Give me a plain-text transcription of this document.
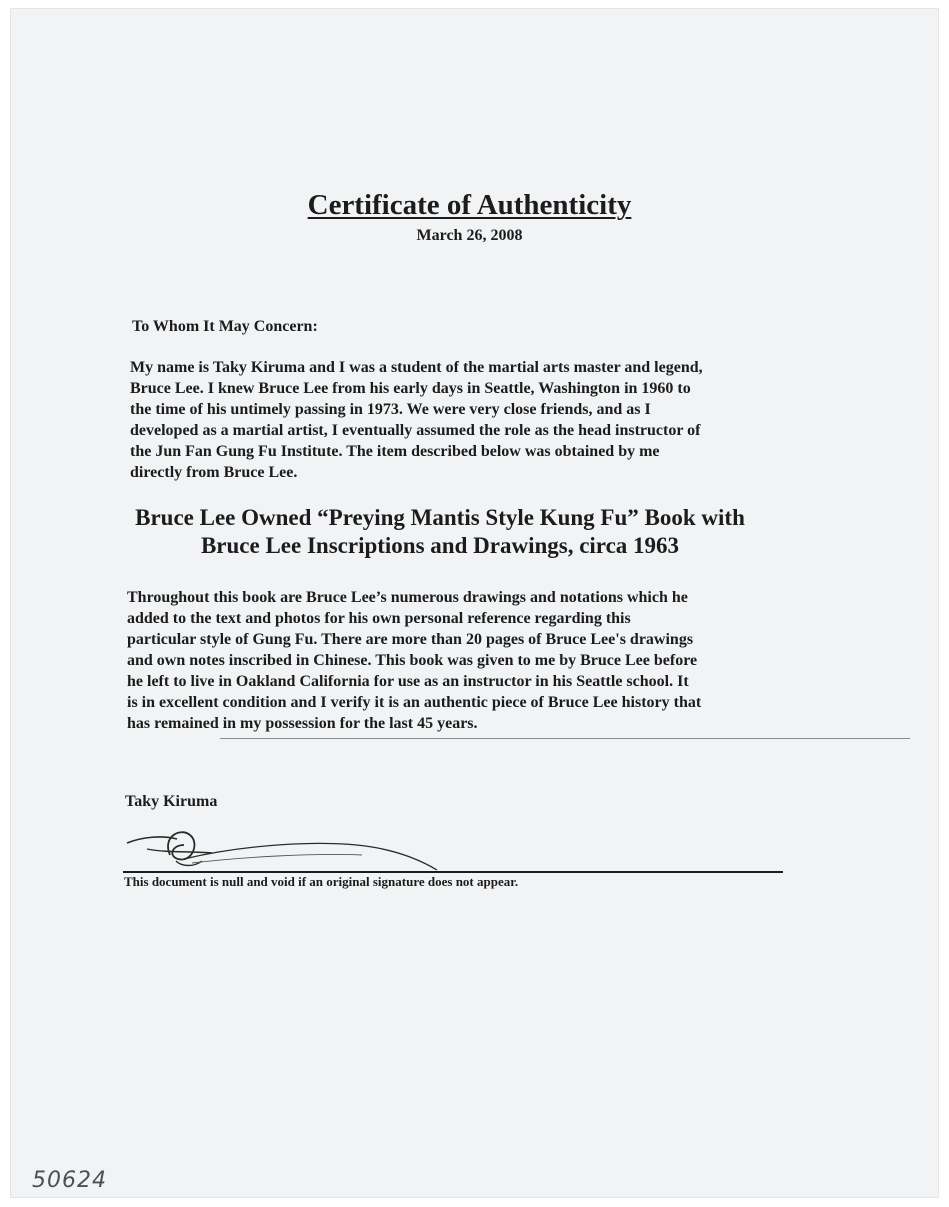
Certificate of Authenticity
March 26, 2008
To Whom It May Concern:
My name is Taky Kiruma and I was a student of the martial arts master and legend,
Bruce Lee. I knew Bruce Lee from his early days in Seattle, Washington in 1960 to
the time of his untimely passing in 1973. We were very close friends, and as I
developed as a martial artist, I eventually assumed the role as the head instructor of
the Jun Fan Gung Fu Institute. The item described below was obtained by me
directly from Bruce Lee.
Bruce Lee Owned “Preying Mantis Style Kung Fu” Book with
Bruce Lee Inscriptions and Drawings, circa 1963
Throughout this book are Bruce Lee’s numerous drawings and notations which he
added to the text and photos for his own personal reference regarding this
particular style of Gung Fu. There are more than 20 pages of Bruce Lee's drawings
and own notes inscribed in Chinese. This book was given to me by Bruce Lee before
he left to live in Oakland California for use as an instructor in his Seattle school. It
is in excellent condition and I verify it is an authentic piece of Bruce Lee history that
has remained in my possession for the last 45 years.
Taky Kiruma
This document is null and void if an original signature does not appear.
50624
